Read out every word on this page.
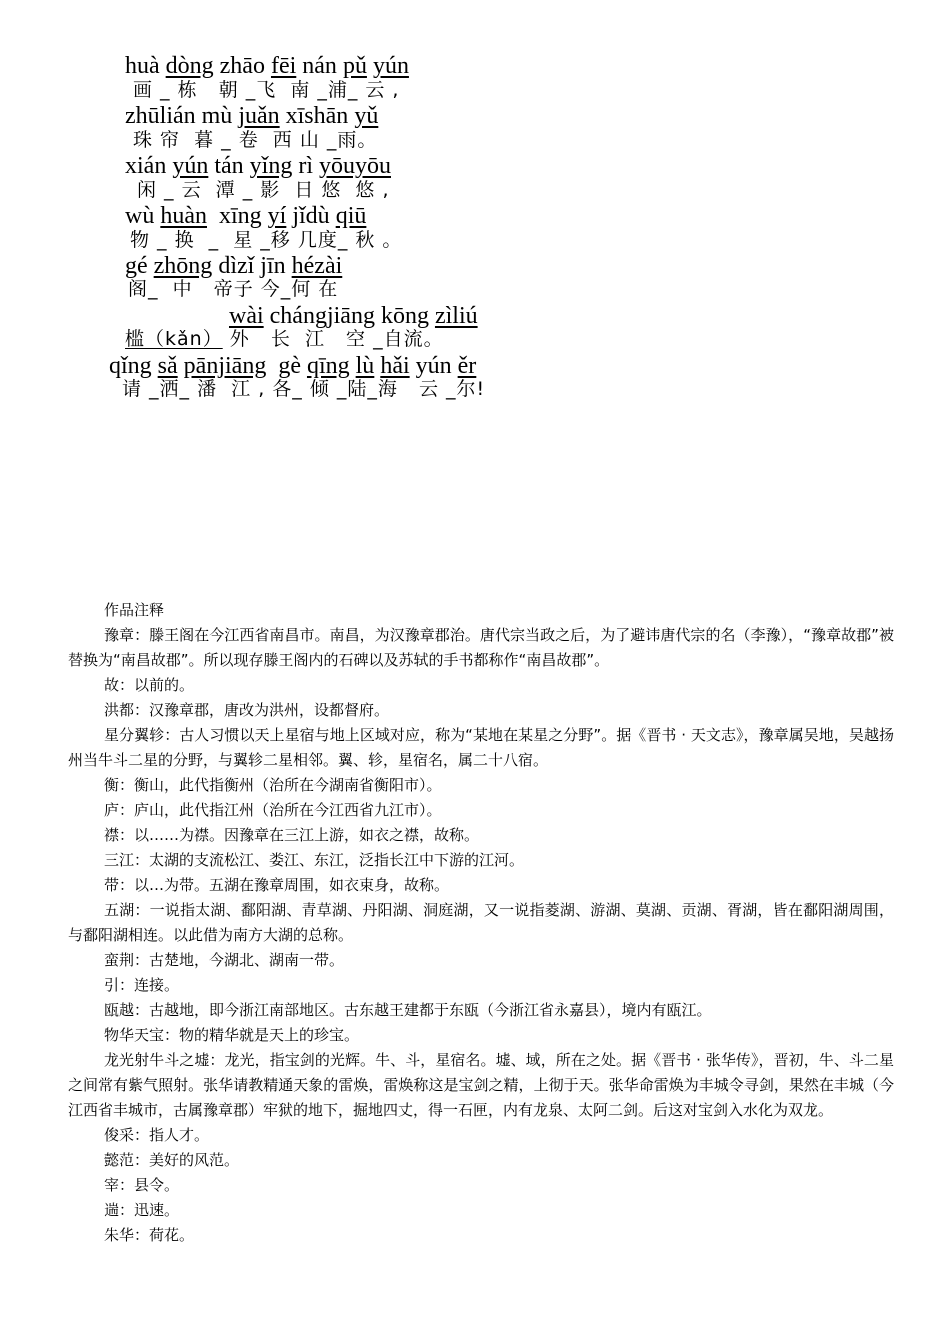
huà dòng zhāo fēi nán pǔ yún
画 _ 栋   朝 _飞  南 _浦_ 云 ,
zhūlián mù juǎn xīshān yǔ
珠 帘  暮 _ 卷  西 山 _雨。
xián yún tán yǐng rì yōuyōu
闲 _ 云  潭 _ 影  日 悠  悠 ,
wù huàn  xīng yí jǐdù qiū
物 _ 换  _  星 _移 几度_ 秋 。
gé zhōng dìzǐ jīn hézài
阁_  中   帝子 今_何 在
wài chángjiāng kōng zìliú
槛（kǎn） 外   长  江   空 _自流。
qǐng sǎ pānjiāng  gè qīng lù hǎi yún ěr
请 _洒_ 潘  江 , 各_ 倾 _陆_海   云 _尔!

作品注释

豫章：滕王阁在今江西省南昌市。南昌，为汉豫章郡治。唐代宗当政之后，为了避讳唐代宗的名（李豫），“豫章故郡”被替换为“南昌故郡”。所以现存滕王阁内的石碑以及苏轼的手书都称作“南昌故郡”。

故：以前的。

洪都：汉豫章郡，唐改为洪州，设都督府。

星分翼轸：古人习惯以天上星宿与地上区域对应，称为“某地在某星之分野”。据《晋书 · 天文志》，豫章属吴地，吴越扬州当牛斗二星的分野，与翼轸二星相邻。翼、轸，星宿名，属二十八宿。

衡：衡山，此代指衡州（治所在今湖南省衡阳市）。

庐：庐山，此代指江州（治所在今江西省九江市）。

襟：以……为襟。因豫章在三江上游，如衣之襟，故称。

三江：太湖的支流松江、娄江、东江，泛指长江中下游的江河。

带：以…为带。五湖在豫章周围，如衣束身，故称。

五湖：一说指太湖、鄱阳湖、青草湖、丹阳湖、洞庭湖，又一说指菱湖、游湖、莫湖、贡湖、胥湖，皆在鄱阳湖周围，与鄱阳湖相连。以此借为南方大湖的总称。

蛮荆：古楚地，今湖北、湖南一带。

引：连接。

瓯越：古越地，即今浙江南部地区。古东越王建都于东瓯（今浙江省永嘉县），境内有瓯江。

物华天宝：物的精华就是天上的珍宝。

龙光射牛斗之墟：龙光，指宝剑的光辉。牛、斗，星宿名。墟、域，所在之处。据《晋书 · 张华传》，晋初，牛、斗二星之间常有紫气照射。张华请教精通天象的雷焕，雷焕称这是宝剑之精，上彻于天。张华命雷焕为丰城令寻剑，果然在丰城（今江西省丰城市，古属豫章郡）牢狱的地下，掘地四丈，得一石匣，内有龙泉、太阿二剑。后这对宝剑入水化为双龙。

俊采：指人才。

懿范：美好的风范。

宰：县令。

遄：迅速。

朱华：荷花。
